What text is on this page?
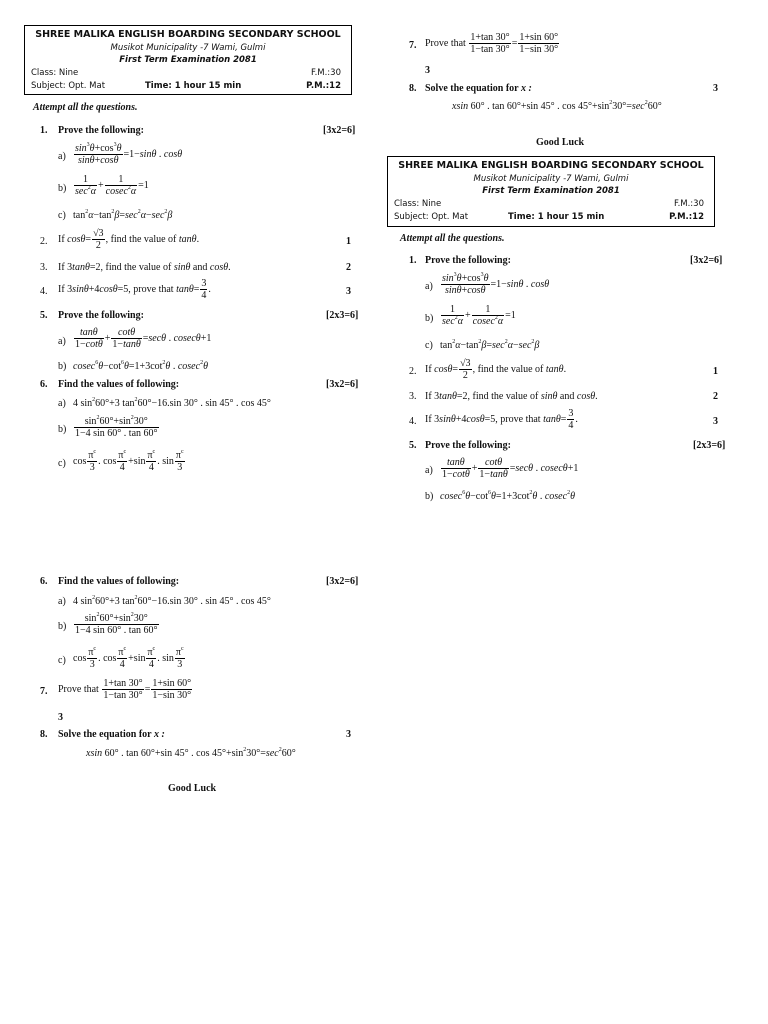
SHREE MALIKA ENGLISH BOARDING SECONDARY SCHOOL
Musikot Municipality -7 Wami, Gulmi
First Term Examination 2081
Class: Nine	F.M.:30
Subject: Opt. Mat	Time: 1 hour 15 min	P.M.:12
Attempt all the questions.
1. Prove the following:	[3x2=6]
$a) \frac{\sin^3\theta+\cos^3\theta}{\sin\theta+\cos\theta} =1-\sin\theta$ . cosθ
$b) \frac{1}{\sec^2\alpha} + \frac{1}{cosec^2\alpha} =1$
c) $\tan^2\alpha-\tan^2\beta=\sec^2\alpha-\sec^2\beta$
2. If $\cos\theta= \frac{√3}{2}$ , find the value of tanθ.	1
3. If 3tanθ=2, find the value of sinθ and cosθ.	2
4. If 3sinθ+4cosθ=5, prove that $\tan\theta= \frac{3}{4}$ .	3
5. Prove the following:	[2x3=6]
$a) \frac{\tan\theta}{1-\cot\theta} + \frac{\cot\theta}{1-\tan\theta} =\sec\theta$ . cosecθ+1
b) $cosec^6\theta-\cot^6\theta=1+3\cot^2\theta$ . cosec$^2$θ
6. Find the values of following:	[3x2=6]
a) 4 $\sin^260^\circ+3$ $\tan^260^\circ-16.\sin$ 30° . sin 45° . cos 45°
$b) \frac{\sin^260^\circ+\sin^230^\circ}{1-4 \sin 60^\circ . \tan 60^\circ}$
c) $\cos \frac{\pi^c}{3}$ . $\cos \frac{\pi^c}{4} +\sin \frac{\pi^c}{4}$ . $\sin \frac{\pi^c}{3}$
6. Find the values of following:	[3x2=6]
a) 4 $\sin^260^\circ+3$ $\tan^260^\circ-16.\sin$ 30° . sin 45° . cos 45°
$b) \frac{\sin^260^\circ+\sin^230^\circ}{1-4 \sin 60^\circ . \tan 60^\circ}$
c) $\cos \frac{\pi^c}{3}$ . $\cos \frac{\pi^c}{4} +\sin \frac{\pi^c}{4}$ . $\sin \frac{\pi^c}{3}$
7. Prove that $\frac{1+\tan 30^\circ}{1-\tan 30^\circ} = \frac{1+\sin 60^\circ}{1-\sin 30^\circ}$
3
8. Solve the equation for x :	3
xsin 60° . tan 60°+sin 45° . $\cos 45^\circ+\sin^230^\circ=\sec^260^\circ$
Good Luck
7. Prove that $\frac{1+\tan 30^\circ}{1-\tan 30^\circ} = \frac{1+\sin 60^\circ}{1-\sin 30^\circ}$
3
8. Solve the equation for x :	3
xsin 60° . tan 60°+sin 45° . $\cos 45^\circ+\sin^230^\circ=\sec^260^\circ$
Good Luck
SHREE MALIKA ENGLISH BOARDING SECONDARY SCHOOL
Musikot Municipality -7 Wami, Gulmi
First Term Examination 2081
Class: Nine	F.M.:30
Subject: Opt. Mat	Time: 1 hour 15 min	P.M.:12
Attempt all the questions.
1. Prove the following:	[3x2=6]
$a) \frac{\sin^3\theta+\cos^3\theta}{\sin\theta+\cos\theta} =1-\sin\theta$ . cosθ
$b) \frac{1}{\sec^2\alpha} + \frac{1}{cosec^2\alpha} =1$
c) $\tan^2\alpha-\tan^2\beta=\sec^2\alpha-\sec^2\beta$
2. If $\cos\theta= \frac{√3}{2}$ , find the value of tanθ.	1
3. If 3tanθ=2, find the value of sinθ and cosθ.	2
4. If 3sinθ+4cosθ=5, prove that $\tan\theta= \frac{3}{4}$ .	3
5. Prove the following:	[2x3=6]
$a) \frac{\tan\theta}{1-\cot\theta} + \frac{\cot\theta}{1-\tan\theta} =\sec\theta$ . cosecθ+1
b) $cosec^6\theta-\cot^6\theta=1+3\cot^2\theta$ . cosec$^2$θ
